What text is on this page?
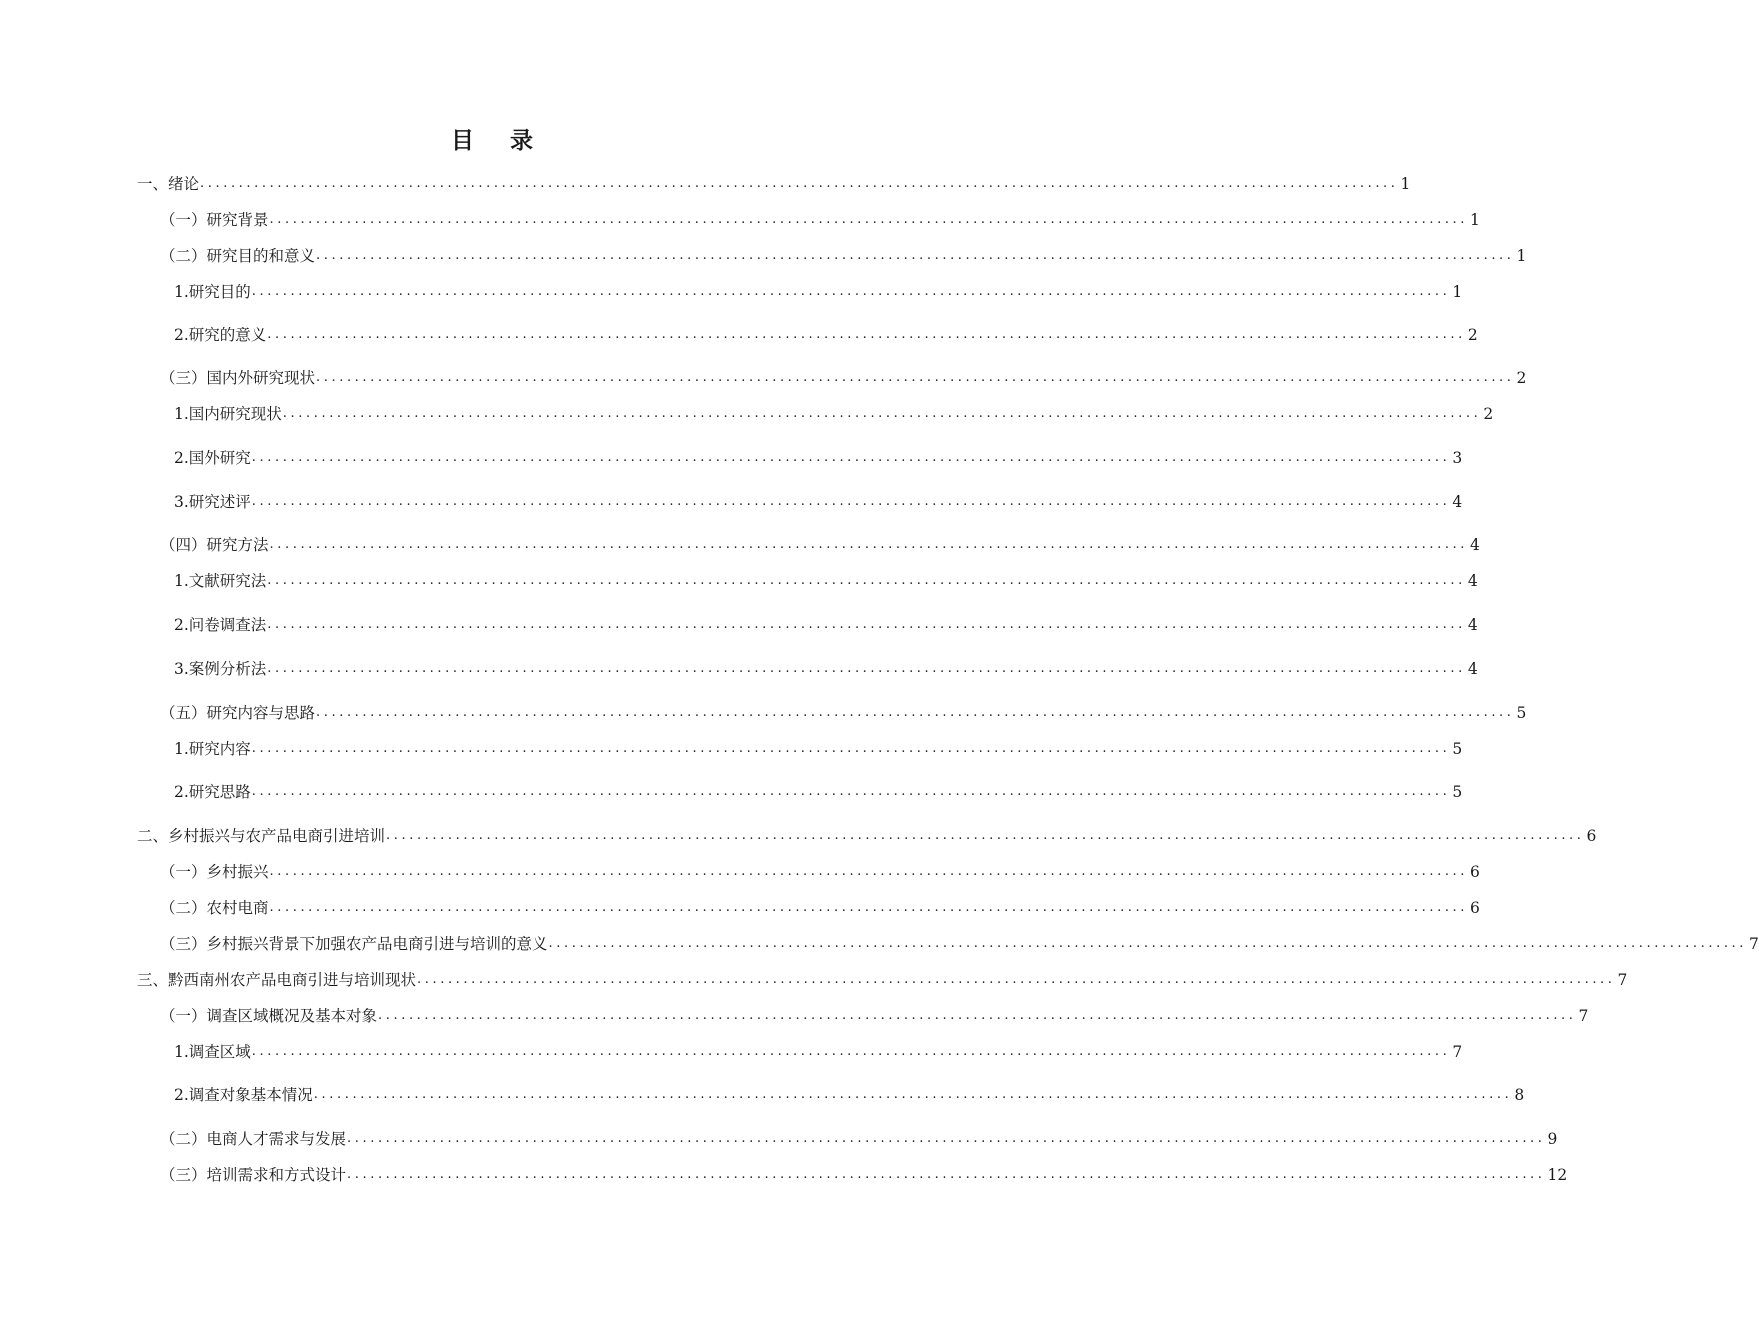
目 录
一、绪论 ........................................................................................................................................................... 1
（一）研究背景 ........................................................................................................................................................... 1
（二）研究目的和意义 ........................................................................................................................................................... 1
1.研究目的 ........................................................................................................................................................... 1
2.研究的意义 ........................................................................................................................................................... 2
（三）国内外研究现状 ........................................................................................................................................................... 2
1.国内研究现状 ........................................................................................................................................................... 2
2.国外研究 ........................................................................................................................................................... 3
3.研究述评 ........................................................................................................................................................... 4
（四）研究方法 ........................................................................................................................................................... 4
1.文献研究法 ........................................................................................................................................................... 4
2.问卷调查法 ........................................................................................................................................................... 4
3.案例分析法 ........................................................................................................................................................... 4
（五）研究内容与思路 ........................................................................................................................................................... 5
1.研究内容 ........................................................................................................................................................... 5
2.研究思路 ........................................................................................................................................................... 5
二、乡村振兴与农产品电商引进培训 ........................................................................................................................................................... 6
（一）乡村振兴 ........................................................................................................................................................... 6
（二）农村电商 ........................................................................................................................................................... 6
（三）乡村振兴背景下加强农产品电商引进与培训的意义 ........................................................................................................................................................... 7
三、黔西南州农产品电商引进与培训现状 ........................................................................................................................................................... 7
（一）调查区域概况及基本对象 ........................................................................................................................................................... 7
1.调查区域 ........................................................................................................................................................... 7
2.调查对象基本情况 ........................................................................................................................................................... 8
（二）电商人才需求与发展 ........................................................................................................................................................... 9
（三）培训需求和方式设计 ........................................................................................................................................................... 12
